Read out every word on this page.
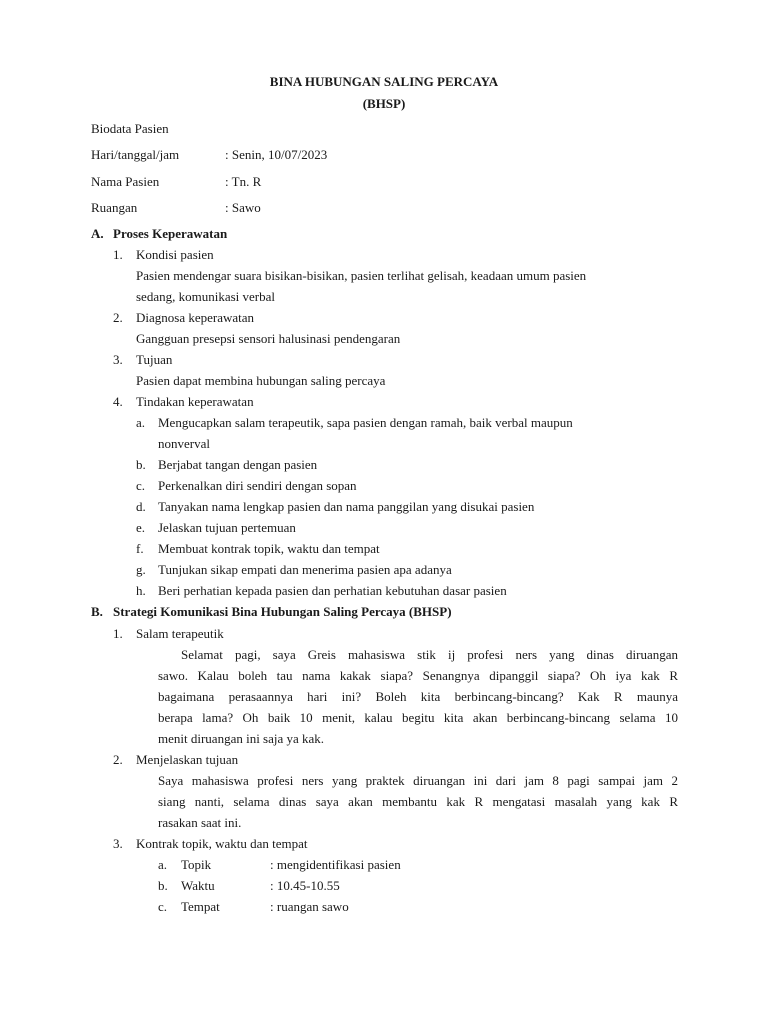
BINA HUBUNGAN SALING PERCAYA
(BHSP)
Biodata Pasien
Hari/tanggal/jam	: Senin, 10/07/2023
Nama Pasien	: Tn. R
Ruangan	: Sawo
A. Proses Keperawatan
1. Kondisi pasien
Pasien mendengar suara bisikan-bisikan, pasien terlihat gelisah, keadaan umum pasien
sedang, komunikasi verbal
2. Diagnosa keperawatan
Gangguan presepsi sensori halusinasi pendengaran
3. Tujuan
Pasien dapat membina hubungan saling percaya
4. Tindakan keperawatan
a. Mengucapkan salam terapeutik, sapa pasien dengan ramah, baik verbal maupun
nonverval
b. Berjabat tangan dengan pasien
c. Perkenalkan diri sendiri dengan sopan
d. Tanyakan nama lengkap pasien dan nama panggilan yang disukai pasien
e. Jelaskan tujuan pertemuan
f. Membuat kontrak topik, waktu dan tempat
g. Tunjukan sikap empati dan menerima pasien apa adanya
h. Beri perhatian kepada pasien dan perhatian kebutuhan dasar pasien
B. Strategi Komunikasi Bina Hubungan Saling Percaya (BHSP)
1. Salam terapeutik
Selamat pagi, saya Greis mahasiswa stik ij profesi ners yang dinas diruangan
sawo. Kalau boleh tau nama kakak siapa? Senangnya dipanggil siapa? Oh iya kak R
bagaimana perasaannya hari ini? Boleh kita berbincang-bincang? Kak R maunya
berapa lama? Oh baik 10 menit, kalau begitu kita akan berbincang-bincang selama 10
menit diruangan ini saja ya kak.
2. Menjelaskan tujuan
Saya mahasiswa profesi ners yang praktek diruangan ini dari jam 8 pagi sampai jam 2
siang nanti, selama dinas saya akan membantu kak R mengatasi masalah yang kak R
rasakan saat ini.
3. Kontrak topik, waktu dan tempat
a. Topik	: mengidentifikasi pasien
b. Waktu	: 10.45-10.55
c. Tempat	: ruangan sawo
